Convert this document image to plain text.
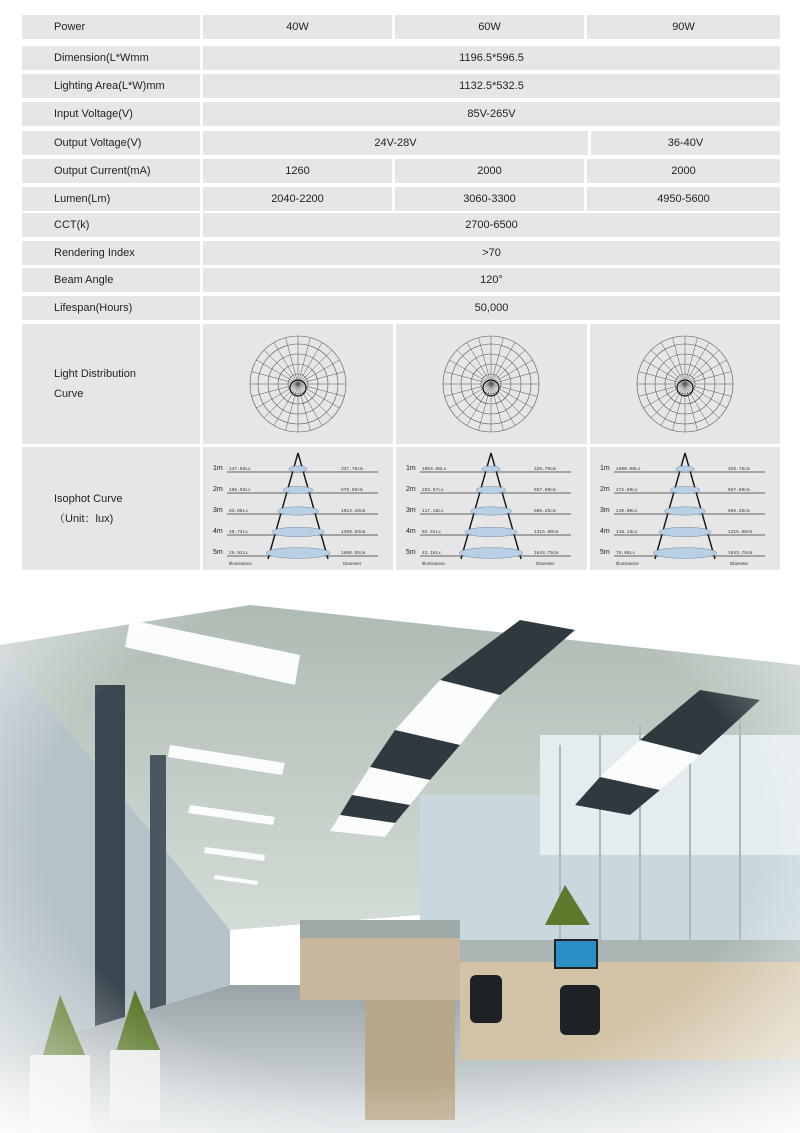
Power	40W	60W	90W
Dimension(L*Wmm	1196.5*596.5
Lighting Area(L*W)mm	1132.5*532.5
Input Voltage(V)	85V-265V
Output Voltage(V)	24V-28V	36-40V
Output Current(mA)	1260	2000	2000
Lumen(Lm)	2040-2200	3060-3300	4950-5600
CCT(k)	2700-6500
Rendering Index	>70
Beam Angle	120°
Lifespan(Hours)	50,000
Light Distribution
Curve
Isophot Curve
（Unit：lux)
1m 147.69Lx	337.75cm
2m 186.93Lx	675.50cm
3m 83.08Lx	1013.10cm
4m 46.73Lx	1350.83cm
5m 29.91Lx	1688.55cm
Illuminance	Diameter
1m 1054.68Lx	328.75cm
2m 263.67Lx	657.50cm
3m 117.18Lx	986.25cm
4m 65.91Lx	1315.00cm
5m 42.18Lx	1643.75cm
Illuminance	Diameter
1m 1890.00Lx	328.75cm
2m 472.50Lx	657.50cm
3m 210.00Lx	986.25cm
4m 118.13Lx	1315.00cm
5m 75.60Lx	1643.75cm
Illuminance	Diameter
